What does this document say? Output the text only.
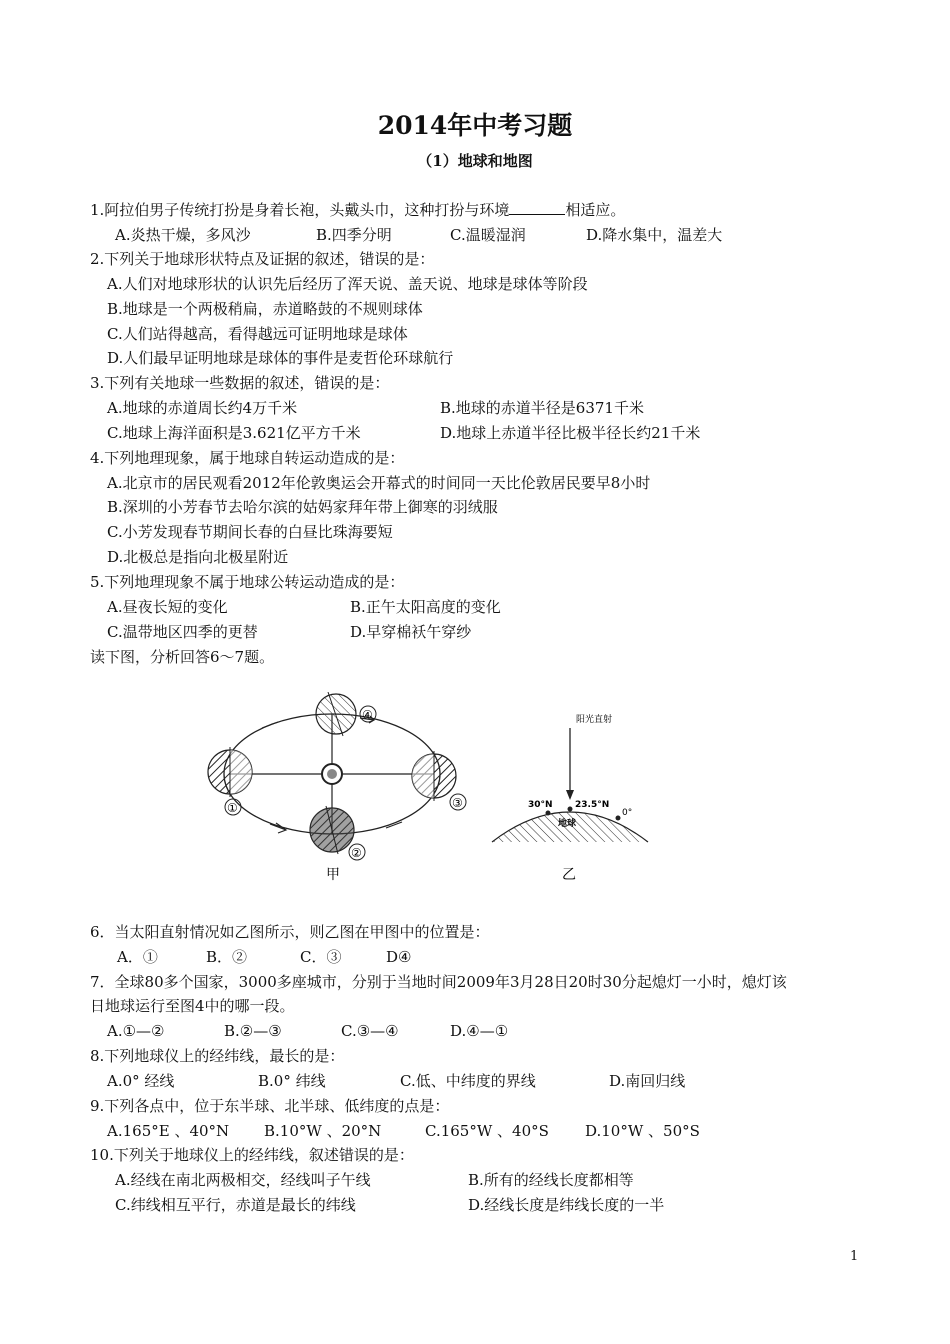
2014年中考习题
（1）地球和地图
1.阿拉伯男子传统打扮是身着长袍，头戴头巾，这种打扮与环境	相适应。
A.炎热干燥，多风沙	B.四季分明	C.温暖湿润	D.降水集中，温差大
2.下列关于地球形状特点及证据的叙述，错误的是：
A.人们对地球形状的认识先后经历了浑天说、盖天说、地球是球体等阶段
B.地球是一个两极稍扁，赤道略鼓的不规则球体
C.人们站得越高，看得越远可证明地球是球体
D.人们最早证明地球是球体的事件是麦哲伦环球航行
3.下列有关地球一些数据的叙述，错误的是：
A.地球的赤道周长约4万千米	B.地球的赤道半径是6371千米
C.地球上海洋面积是3.621亿平方千米	D.地球上赤道半径比极半径长约21千米
4.下列地理现象，属于地球自转运动造成的是：
A.北京市的居民观看2012年伦敦奥运会开幕式的时间同一天比伦敦居民要早8小时
B.深圳的小芳春节去哈尔滨的姑妈家拜年带上御寒的羽绒服
C.小芳发现春节期间长春的白昼比珠海要短
D.北极总是指向北极星附近
5.下列地理现象不属于地球公转运动造成的是：
A.昼夜长短的变化	B.正午太阳高度的变化
C.温带地区四季的更替	D.早穿棉袄午穿纱
读下图，分析回答6～7题。
①	③
④
②
甲
阳光直射
30°N 23.5°N
0°
地球
乙
6．当太阳直射情况如乙图所示，则乙图在甲图中的位置是：
A．①	B．②	C．③	D④
7．全球80多个国家，3000多座城市，分别于当地时间2009年3月28日20时30分起熄灯一小时，熄灯该
日地球运行至图4中的哪一段。
A.①—②	B.②—③	C.③—④	D.④—①
8.下列地球仪上的经纬线，最长的是：
A.0° 经线	B.0° 纬线	C.低、中纬度的界线	D.南回归线
9.下列各点中，位于东半球、北半球、低纬度的点是：
A.165°E 、40°N B.10°W 、20°N	C.165°W 、40°S D.10°W 、50°S
10.下列关于地球仪上的经纬线，叙述错误的是：
A.经线在南北两极相交，经线叫子午线	B.所有的经线长度都相等
C.纬线相互平行，赤道是最长的纬线	D.经线长度是纬线长度的一半
1
